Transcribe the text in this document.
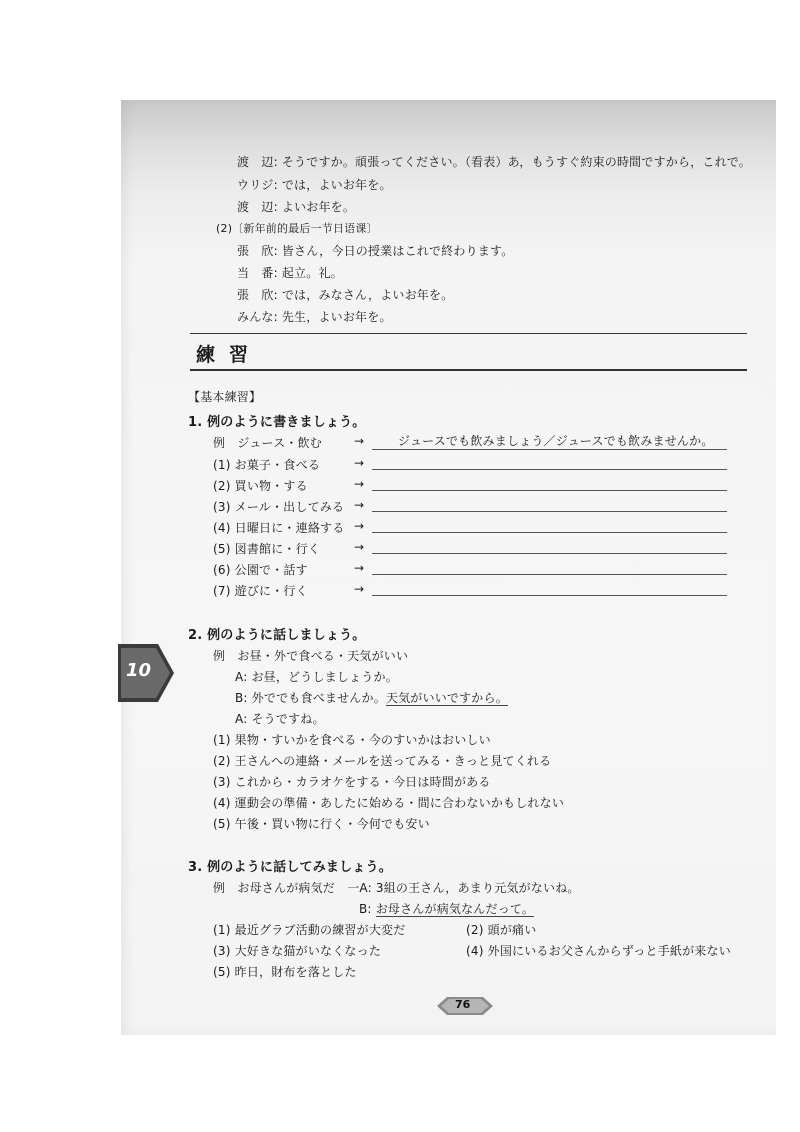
渡　辺: そうですか。頑張ってください。（看表）あ，もうすぐ約束の時間ですから，これで。
ウリジ: では，よいお年を。
渡　辺: よいお年を。
(2)〔新年前的最后一节日语课〕
張　欣: 皆さん，今日の授業はこれで終わります。
当　番: 起立。礼。
張　欣: では，みなさん，よいお年を。
みんな: 先生，よいお年を。
練習
【基本練習】
1. 例のように書きましょう。
例　ジュース・飲む	→	ジュースでも飲みましょう／ジュースでも飲みませんか。
(1) お菓子・食べる	→
(2) 買い物・する	→
(3) メール・出してみる →
(4) 日曜日に・連絡する →
(5) 図書館に・行く	→
(6) 公園で・話す	→
(7) 遊びに・行く	→
10
2. 例のように話しましょう。
例　お昼・外で食べる・天気がいい
A: お昼，どうしましょうか。
B: 外ででも食べませんか。天気がいいですから。
A: そうですね。
(1) 果物・すいかを食べる・今のすいかはおいしい
(2) 王さんへの連絡・メールを送ってみる・きっと見てくれる
(3) これから・カラオケをする・今日は時間がある
(4) 運動会の準備・あしたに始める・間に合わないかもしれない
(5) 午後・買い物に行く・今何でも安い
3. 例のように話してみましょう。
例　お母さんが病気だ　一A: 3組の王さん，あまり元気がないね。
B: お母さんが病気なんだって。
(1) 最近グラブ活動の練習が大変だ	(2) 頭が痛い
(3) 大好きな猫がいなくなった	(4) 外国にいるお父さんからずっと手紙が来ない
(5) 昨日，財布を落とした
76
